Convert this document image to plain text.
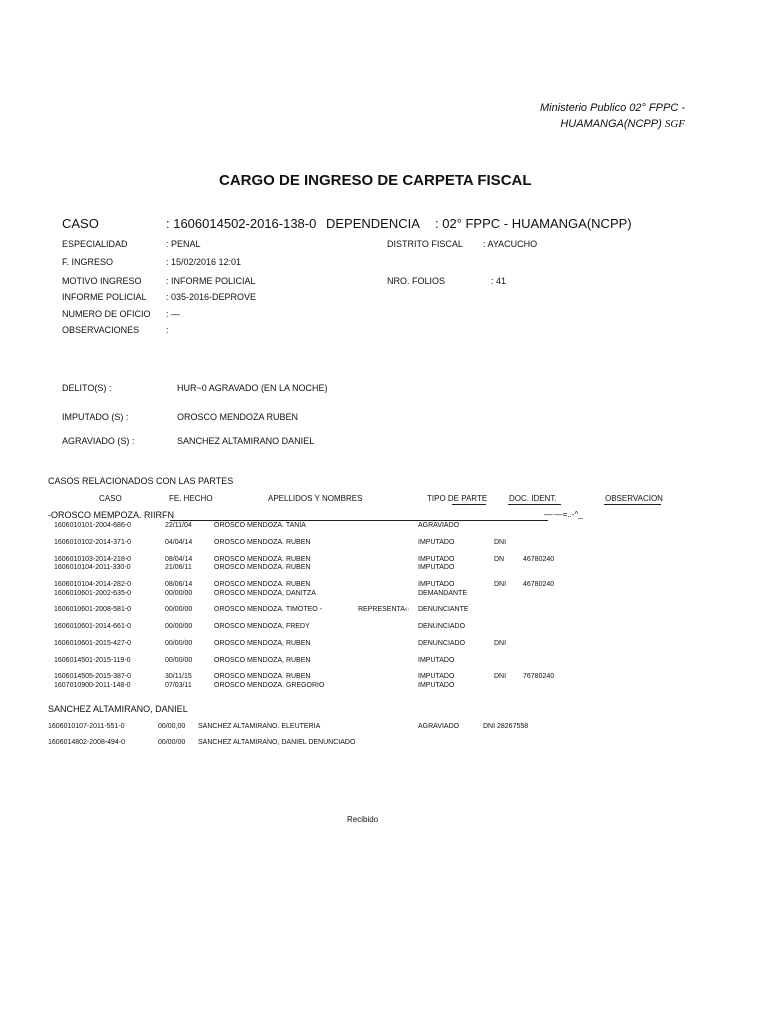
Ministerio Publico 02° FPPC -
HUAMANGA(NCPP) SGF
CARGO DE INGRESO DE CARPETA FISCAL
CASO	: 1606014502-2016-138-0 DEPENDENCIA : 02° FPPC - HUAMANGA(NCPP)
ESPECIALIDAD	: PENAL	DISTRITO FISCAL : AYACUCHO
F. INGRESO	: 15/02/2016 12:01
MOTIVO INGRESO	: INFORME POLICIAL	NRO. FOLIOS	: 41
INFORME POLICIAL : 035-2016-DEPROVE
NUMERO DE OFICIO : —
OBSERVACIONES	:
DELITO(S) :	HUR~0 AGRAVADO (EN LA NOCHE)
IMPUTADO (S) :	OROSCO MENDOZA RUBEN
AGRAVIADO (S) :	SANCHEZ ALTAMIRANO DANIEL
CASOS RELACIONADOS CON LAS PARTES
CASO	FE. HECHO	APELLIDOS Y NOMBRES	TIPO DE PARTE	DOC. IDENT.	OBSERVACION
-OROSCO MEMPOZA. RIIRFN	—·—=..-^_
1606010101-2004-686-0	22/11/04	OROSCO MENDOZA. TANIA	AGRAVIADO
1606010102-2014-371-0	04/04/14	OROSCO MENDOZA. RUBEN	IMPUTADO	DNI
1606010103-2014-218-0	08/04/14	OROSCO MENDOZA. RUBEN	IMPUTADO	DN	46780240
1606010104-2011-330-0	21/06/11	OROSCO MENDOZA. RUBEN	IMPUTADO
1606010104-2014-282-0	08/06/14	OROSCO MENDOZA. RUBEN	IMPUTADO	DNI 46780240
1606010601-2002-635-0	00/00/00	OROSCO MENDOZA, DANITZA	DEMANDANTE
1606010601-2008-581-0	00/00/00	OROSCO MENDOZA. TIMOTEO -	REPRESENTA‹· DENUNCIANTE
1606010601-2014-661-0	00/00/00	OROSCO MENDOZA, FREDY	DENUNCIADO
1606010601-2015-427-0	00/00/00	OROSCO MENDOZA, RUBEN	DENUNCIADO	DNI
1606014501-2015-119-0	00/00/00	OROSCO MENDOZA, RUBEN	IMPUTADO
1606014505-2015-387-0	30/11/15	OROSCO MENDOZA. RUBEN	IMPUTADO	DNI 76780240
1607010900-2011-148-0	07/03/11	OROSCO MENDOZA. GREGORIO	IMPUTADO
SANCHEZ ALTAMIRANO, DANIEL
1606010107-2011-551-0	00/00,00 SANCHEZ ALTAMIRANO. ELEUTERIA	AGRAVIADO	DNI 28267558
1606014802-2008-494-0	00/00/00 SANCHEZ ALTAMIRANO, DANIEL DENUNCIADO
Recibido
